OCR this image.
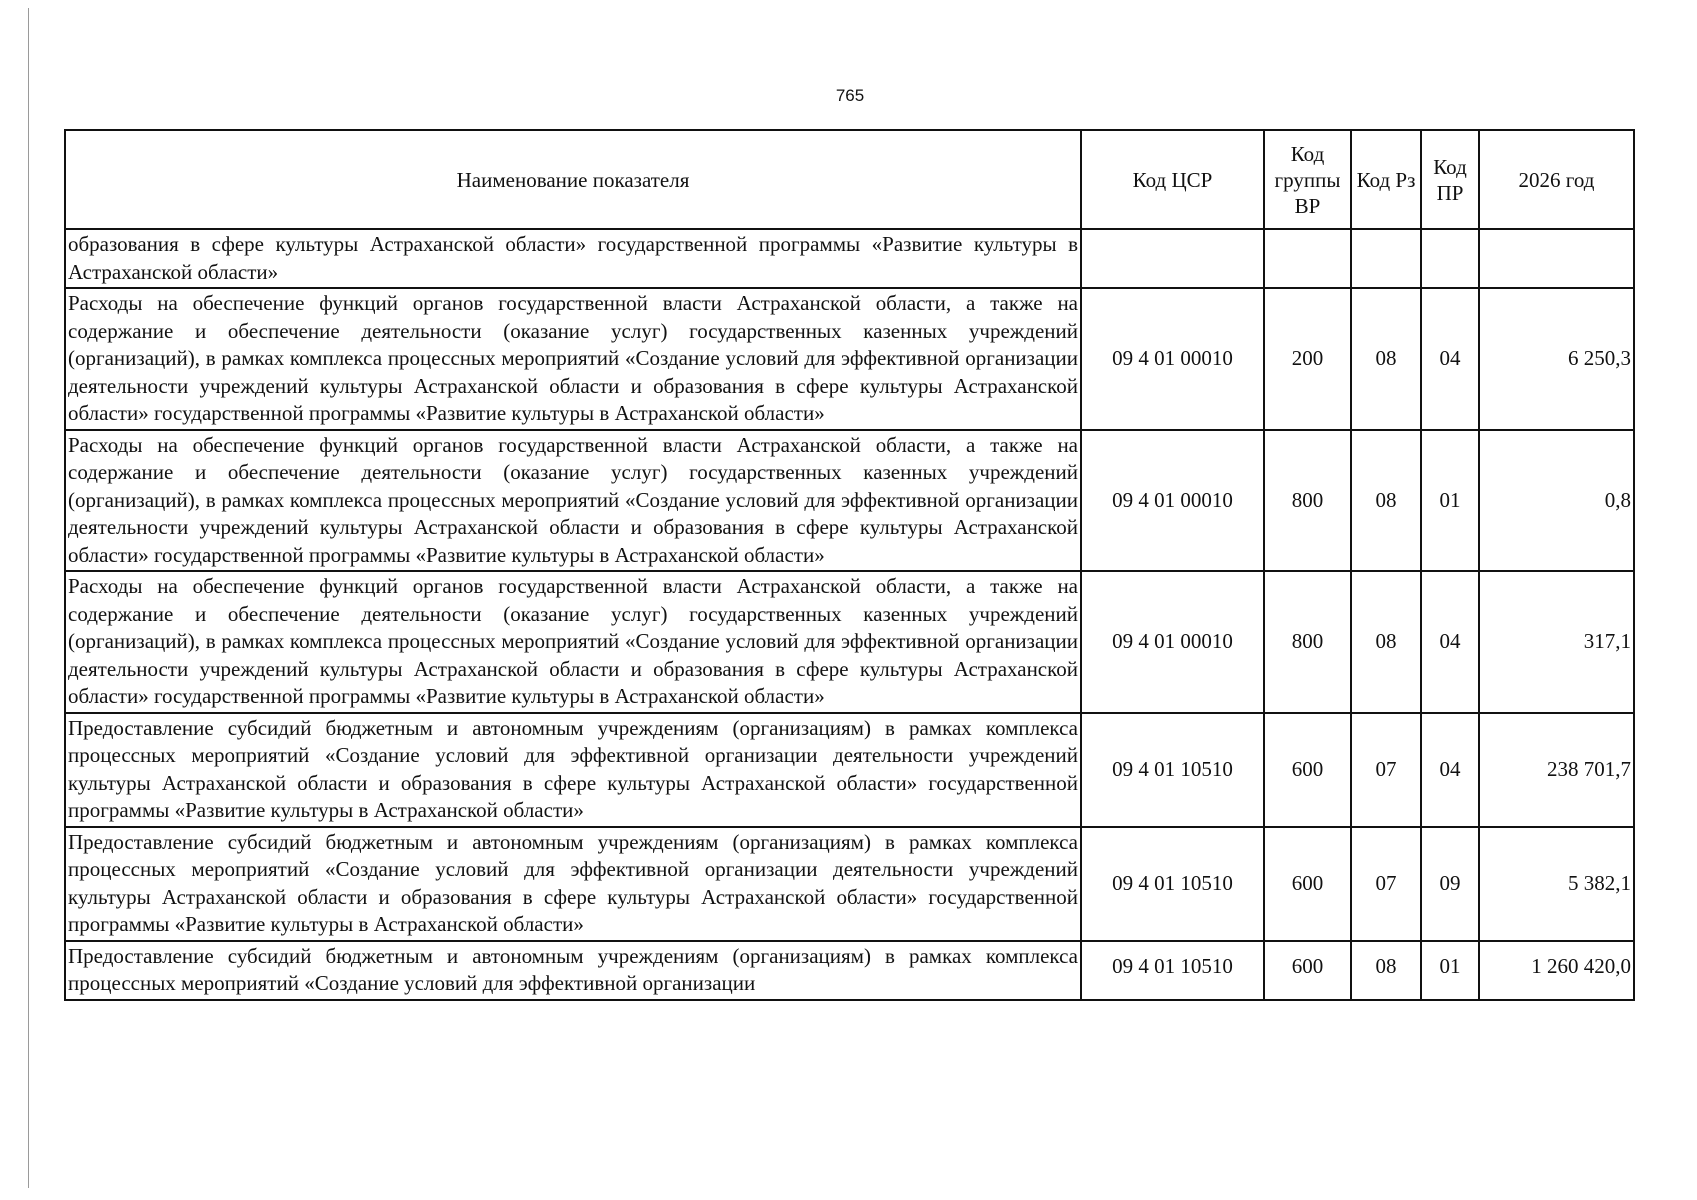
765
Наименование показателя	Код ЦСР	Код группы ВР	Код Рз	Код ПР	2026 год
образования в сфере культуры Астраханской области» государственной программы «Развитие культуры в Астраханской области»					
Расходы на обеспечение функций органов государственной власти Астраханской области, а также на содержание и обеспечение деятельности (оказание услуг) государственных казенных учреждений (организаций), в рамках комплекса процессных мероприятий «Создание условий для эффективной организации деятельности учреждений культуры Астраханской области и образования в сфере культуры Астраханской области» государственной программы «Развитие культуры в Астраханской области»	09 4 01 00010	200	08	04	6 250,3
Расходы на обеспечение функций органов государственной власти Астраханской области, а также на содержание и обеспечение деятельности (оказание услуг) государственных казенных учреждений (организаций), в рамках комплекса процессных мероприятий «Создание условий для эффективной организации деятельности учреждений культуры Астраханской области и образования в сфере культуры Астраханской области» государственной программы «Развитие культуры в Астраханской области»	09 4 01 00010	800	08	01	0,8
Расходы на обеспечение функций органов государственной власти Астраханской области, а также на содержание и обеспечение деятельности (оказание услуг) государственных казенных учреждений (организаций), в рамках комплекса процессных мероприятий «Создание условий для эффективной организации деятельности учреждений культуры Астраханской области и образования в сфере культуры Астраханской области» государственной программы «Развитие культуры в Астраханской области»	09 4 01 00010	800	08	04	317,1
Предоставление субсидий бюджетным и автономным учреждениям (организациям) в рамках комплекса процессных мероприятий «Создание условий для эффективной организации деятельности учреждений культуры Астраханской области и образования в сфере культуры Астраханской области» государственной программы «Развитие культуры в Астраханской области»	09 4 01 10510	600	07	04	238 701,7
Предоставление субсидий бюджетным и автономным учреждениям (организациям) в рамках комплекса процессных мероприятий «Создание условий для эффективной организации деятельности учреждений культуры Астраханской области и образования в сфере культуры Астраханской области» государственной программы «Развитие культуры в Астраханской области»	09 4 01 10510	600	07	09	5 382,1
Предоставление субсидий бюджетным и автономным учреждениям (организациям) в рамках комплекса процессных мероприятий «Создание условий для эффективной организации	09 4 01 10510	600	08	01	1 260 420,0
